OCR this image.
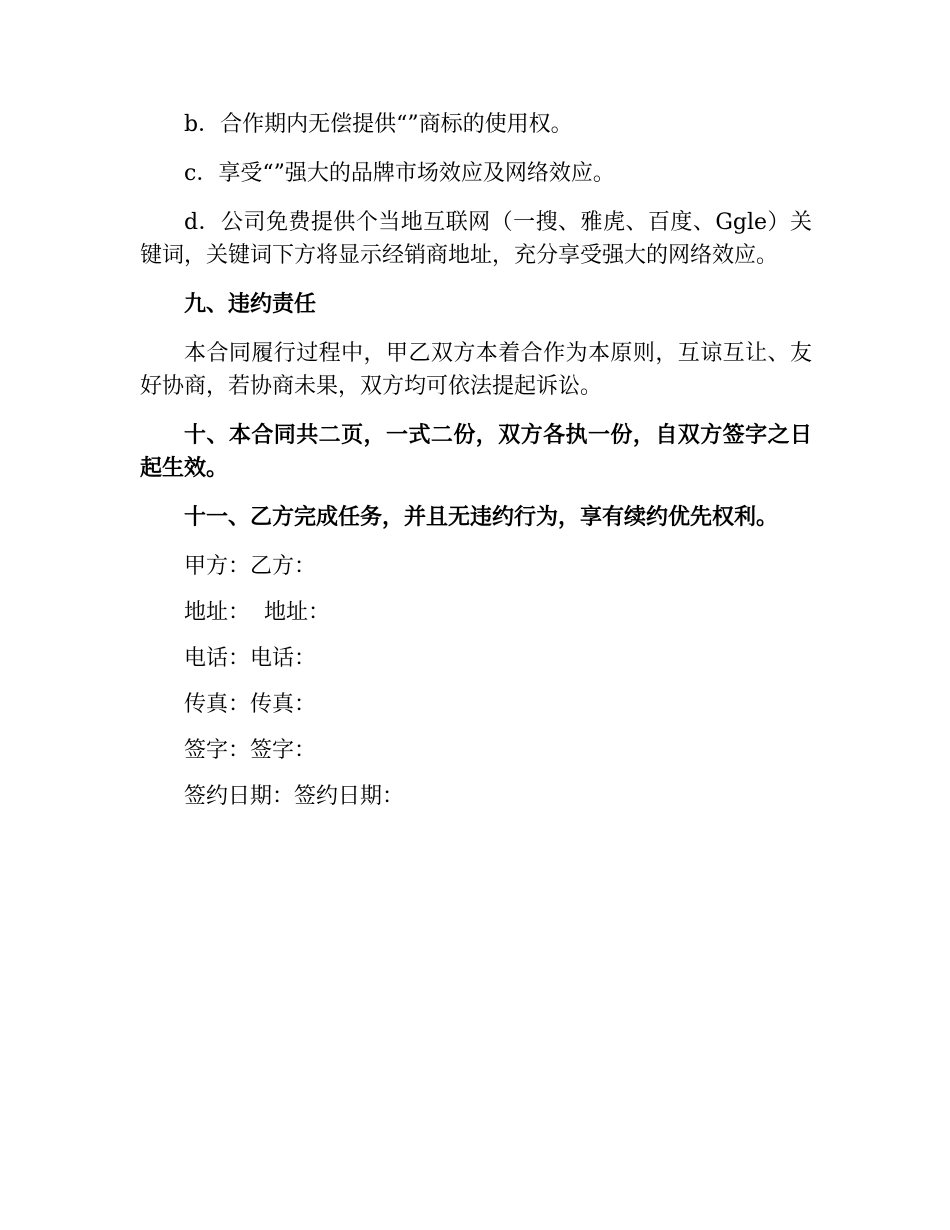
b．合作期内无偿提供“”商标的使用权。

c．享受“”强大的品牌市场效应及网络效应。

d．公司免费提供个当地互联网（一搜、雅虎、百度、Ggle）关键词，关键词下方将显示经销商地址，充分享受强大的网络效应。

九、违约责任

本合同履行过程中，甲乙双方本着合作为本原则，互谅互让、友好协商，若协商未果，双方均可依法提起诉讼。

十、本合同共二页，一式二份，双方各执一份，自双方签字之日起生效。

十一、乙方完成任务，并且无违约行为，享有续约优先权利。

甲方：乙方：

地址：  地址：

电话：电话：

传真：传真：

签字：签字：

签约日期：签约日期：
